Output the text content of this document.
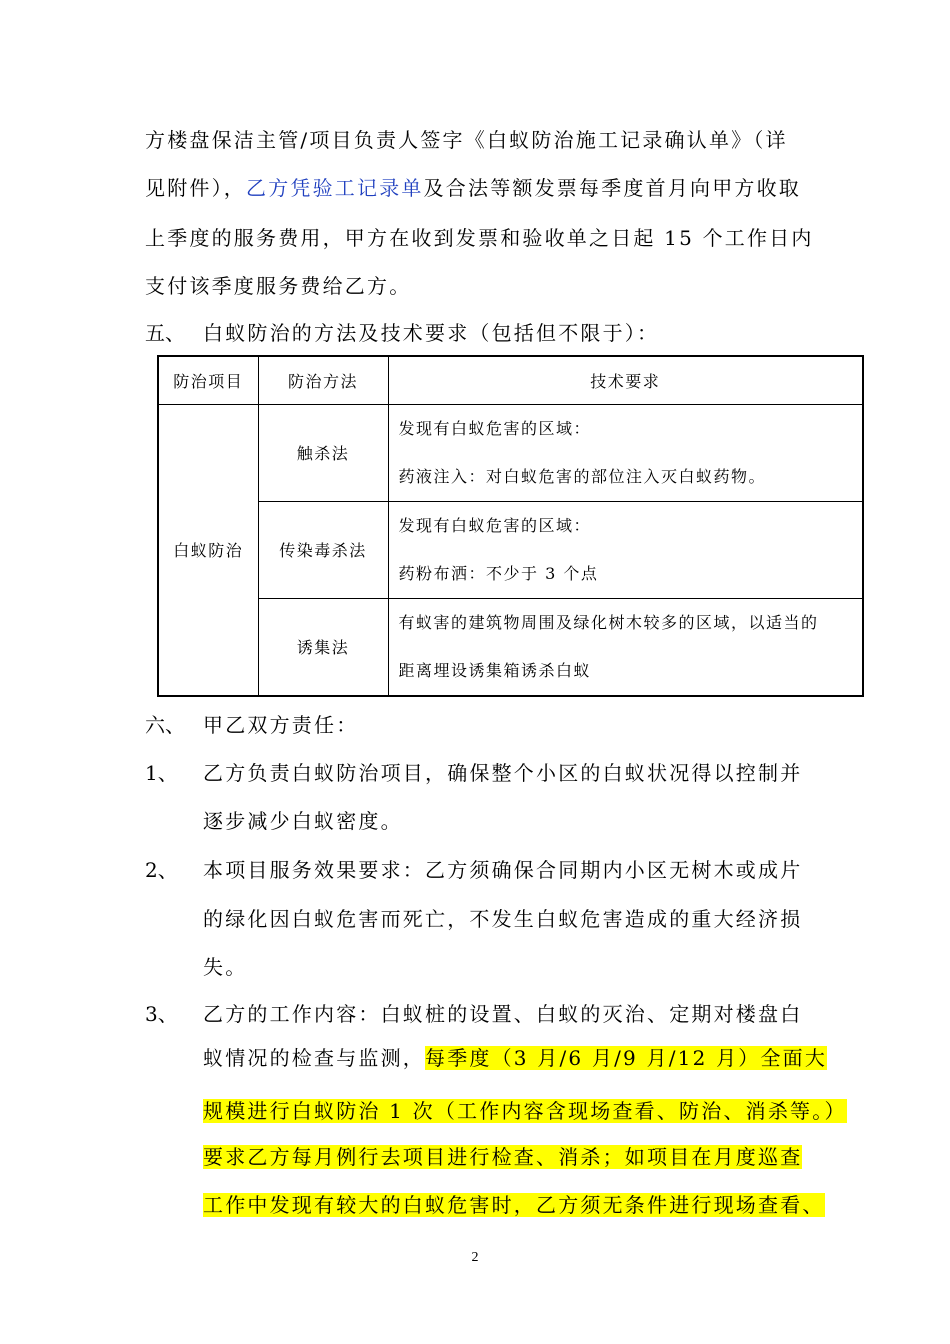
方楼盘保洁主管/项目负责人签字《白蚁防治施工记录确认单》（详
见附件），乙方凭验工记录单及合法等额发票每季度首月向甲方收取
上季度的服务费用，甲方在收到发票和验收单之日起 15 个工作日内
支付该季度服务费给乙方。
五、 白蚁防治的方法及技术要求（包括但不限于）：
防治项目	防治方法	技术要求
白蚁防治	触杀法	发现有白蚁危害的区域：
药液注入：对白蚁危害的部位注入灭白蚁药物。

	传染毒杀法	发现有白蚁危害的区域：
药粉布洒：不少于 3 个点

	诱集法	有蚁害的建筑物周围及绿化树木较多的区域，以适当的
距离埋设诱集箱诱杀白蚁
六、 甲乙双方责任：
1、 乙方负责白蚁防治项目，确保整个小区的白蚁状况得以控制并
逐步减少白蚁密度。
2、 本项目服务效果要求：乙方须确保合同期内小区无树木或成片
的绿化因白蚁危害而死亡，不发生白蚁危害造成的重大经济损
失。
3、 乙方的工作内容：白蚁桩的设置、白蚁的灭治、定期对楼盘白
蚁情况的检查与监测，每季度（3 月/6 月/9 月/12 月）全面大
规模进行白蚁防治 1 次（工作内容含现场查看、防治、消杀等。）
要求乙方每月例行去项目进行检查、消杀；如项目在月度巡查
工作中发现有较大的白蚁危害时，乙方须无条件进行现场查看、
2
